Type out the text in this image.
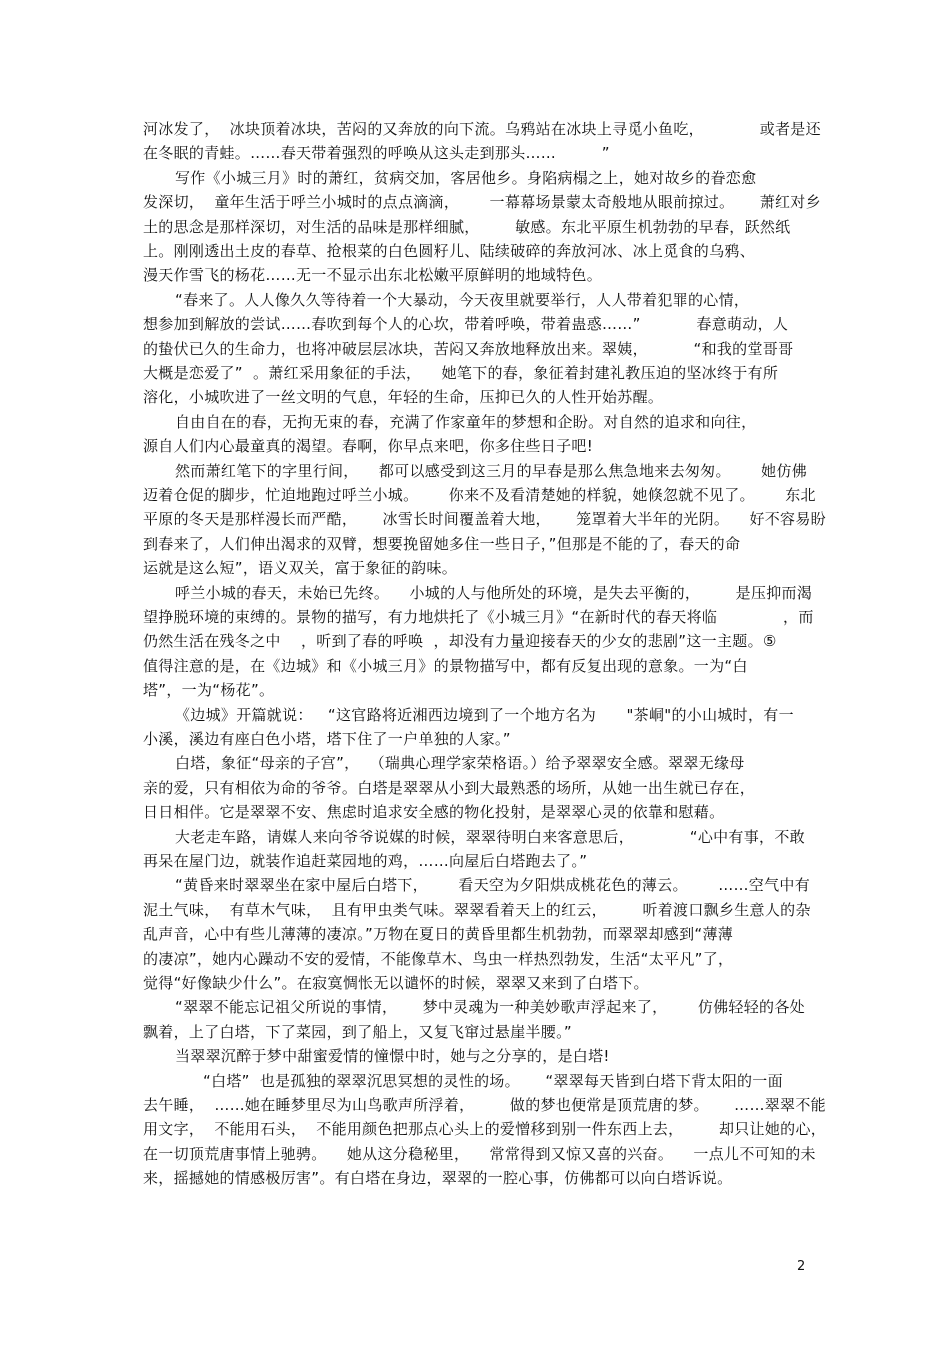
河冰发了，  冰块顶着冰块，苦闷的又奔放的向下流。乌鸦站在冰块上寻觅小鱼吃，           或者是还
在冬眠的青蛙。……春天带着强烈的呼唤从这头走到那头……         ”
写作《小城三月》时的萧红，贫病交加，客居他乡。身陷病榻之上，她对故乡的眷恋愈
发深切，  童年生活于呼兰小城时的点点滴滴，      一幕幕场景蒙太奇般地从眼前掠过。     萧红对乡
土的思念是那样深切，对生活的品味是那样细腻，       敏感。东北平原生机勃勃的早春，跃然纸
上。刚刚透出土皮的春草、抢根菜的白色圆籽儿、陆续破碎的奔放河冰、冰上觅食的乌鸦、
漫天作雪飞的杨花……无一不显示出东北松嫩平原鲜明的地域特色。
“春来了。人人像久久等待着一个大暴动，今天夜里就要举行，人人带着犯罪的心情，
想参加到解放的尝试……春吹到每个人的心坎，带着呼唤，带着蛊惑……”           春意萌动，人
的蛰伏已久的生命力，也将冲破层层冰块，苦闷又奔放地释放出来。翠姨，         “和我的堂哥哥
大概是恋爱了”  。萧红采用象征的手法，    她笔下的春，象征着封建礼教压迫的坚冰终于有所
溶化，小城吹进了一丝文明的气息，年轻的生命，压抑已久的人性开始苏醒。
自由自在的春，无拘无束的春，充满了作家童年的梦想和企盼。对自然的追求和向往，
源自人们内心最童真的渴望。春啊，你早点来吧，你多住些日子吧!
然而萧红笔下的字里行间，    都可以感受到这三月的早春是那么焦急地来去匆匆。      她仿佛
迈着仓促的脚步，忙迫地跑过呼兰小城。      你来不及看清楚她的样貌，她倏忽就不见了。      东北
平原的冬天是那样漫长而严酷，     冰雪长时间覆盖着大地，     笼罩着大半年的光阴。    好不容易盼
到春来了，人们伸出渴求的双臂，想要挽留她多住一些日子，”但那是不能的了，春天的命
运就是这么短”，语义双关，富于象征的韵味。
呼兰小城的春天，未始已先终。    小城的人与他所处的环境，是失去平衡的，       是压抑而渴
望挣脱环境的束缚的。景物的描写，有力地烘托了《小城三月》“在新时代的春天将临             ，而
仍然生活在残冬之中    ，听到了春的呼唤  ，却没有力量迎接春天的少女的悲剧”这一主题。⑤
值得注意的是，在《边城》和《小城三月》的景物描写中，都有反复出现的意象。一为“白
塔”，一为“杨花”。
《边城》开篇就说：   “这官路将近湘西边境到了一个地方名为      "茶峒"的小山城时，有一
小溪，溪边有座白色小塔，塔下住了一户单独的人家。”
白塔，象征“母亲的子宫”，  （瑞典心理学家荣格语。）给予翠翠安全感。翠翠无缘母
亲的爱，只有相依为命的爷爷。白塔是翠翠从小到大最熟悉的场所，从她一出生就已存在，
日日相伴。它是翠翠不安、焦虑时追求安全感的物化投射，是翠翠心灵的依靠和慰藉。
大老走车路，请媒人来向爷爷说媒的时候，翠翠待明白来客意思后，           “心中有事，不敢
再呆在屋门边，就装作追赶菜园地的鸡，……向屋后白塔跑去了。”
“黄昏来时翠翠坐在家中屋后白塔下，      看天空为夕阳烘成桃花色的薄云。      ……空气中有
泥土气味，  有草木气味，  且有甲虫类气味。翠翠看着天上的红云，       听着渡口飘乡生意人的杂
乱声音，心中有些儿薄薄的凄凉。”万物在夏日的黄昏里都生机勃勃，而翠翠却感到“薄薄
的凄凉”，她内心躁动不安的爱情，不能像草木、鸟虫一样热烈勃发，生活“太平凡”了，
觉得“好像缺少什么”。在寂寞惆怅无以谴怀的时候，翠翠又来到了白塔下。
“翠翠不能忘记祖父所说的事情，     梦中灵魂为一种美妙歌声浮起来了，      仿佛轻轻的各处
飘着，上了白塔，下了菜园，到了船上，又复飞窜过悬崖半腰。”
当翠翠沉醉于梦中甜蜜爱情的憧憬中时，她与之分享的，是白塔!
“白塔”  也是孤独的翠翠沉思冥想的灵性的场。     “翠翠每天皆到白塔下背太阳的一面
去午睡，  ……她在睡梦里尽为山鸟歌声所浮着，       做的梦也便常是顶荒唐的梦。     ……翠翠不能
用文字，  不能用石头，  不能用颜色把那点心头上的爱憎移到别一件东西上去，       却只让她的心，
在一切顶荒唐事情上驰骋。    她从这分稳秘里，    常常得到又惊又喜的兴奋。    一点儿不可知的未
来，摇撼她的情感极厉害”。有白塔在身边，翠翠的一腔心事，仿佛都可以向白塔诉说。
2
